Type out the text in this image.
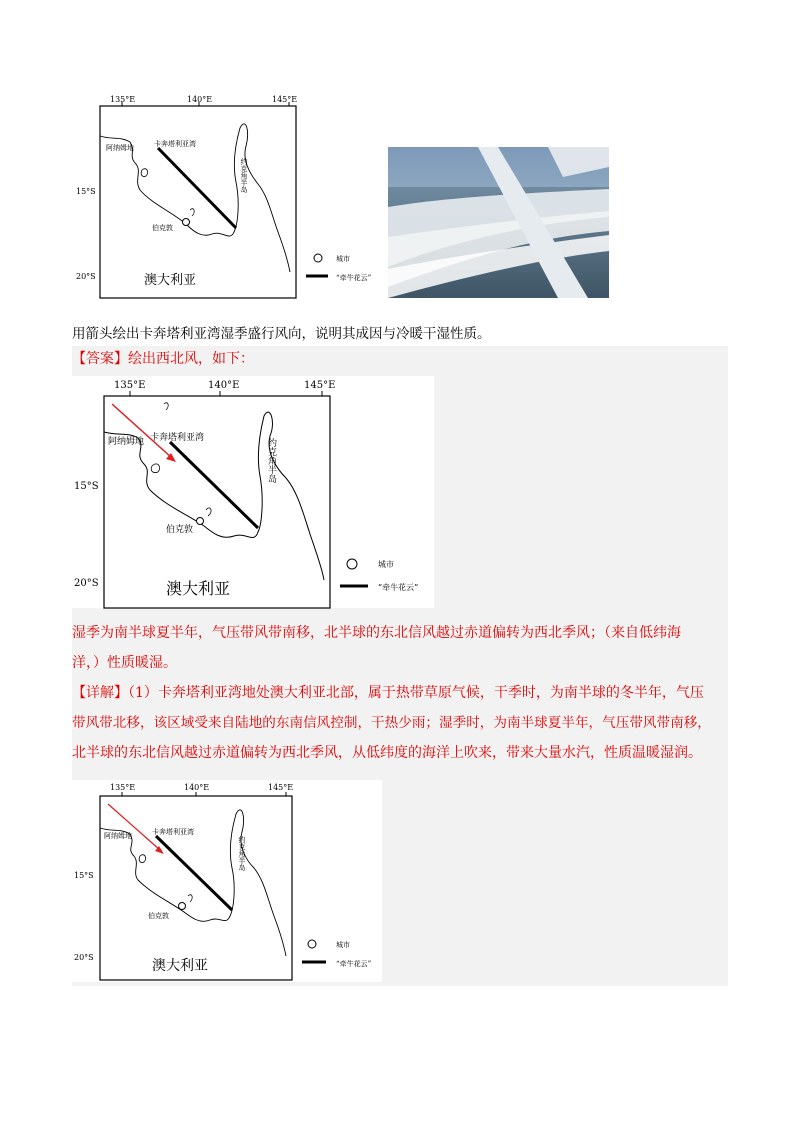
135°E	140°E	145°E
15°S
20°S
阿纳姆地	卡奔塔利亚湾
伯克敦
澳大利亚
城市
“牵牛花云”
约克角半岛
用箭头绘出卡奔塔利亚湾湿季盛行风向，说明其成因与冷暖干湿性质。
【答案】绘出西北风，如下：
135°E	140°E	145°E
15°S
20°S
阿纳姆地 卡奔塔利亚湾
伯克敦
澳大利亚
城市
“牵牛花云”
约克角半岛
湿季为南半球夏半年，气压带风带南移，北半球的东北信风越过赤道偏转为西北季风；（来自低纬海
洋，）性质暖湿。
【详解】（1）卡奔塔利亚湾地处澳大利亚北部，属于热带草原气候，干季时，为南半球的冬半年，气压
带风带北移，该区域受来自陆地的东南信风控制，干热少雨；湿季时，为南半球夏半年，气压带风带南移，
北半球的东北信风越过赤道偏转为西北季风，从低纬度的海洋上吹来，带来大量水汽，性质温暖湿润。
135°E	140°E	145°E
15°S
20°S
阿纳姆地	卡奔塔利亚湾
伯克敦
澳大利亚
城市
“牵牛花云”
约克角半岛
